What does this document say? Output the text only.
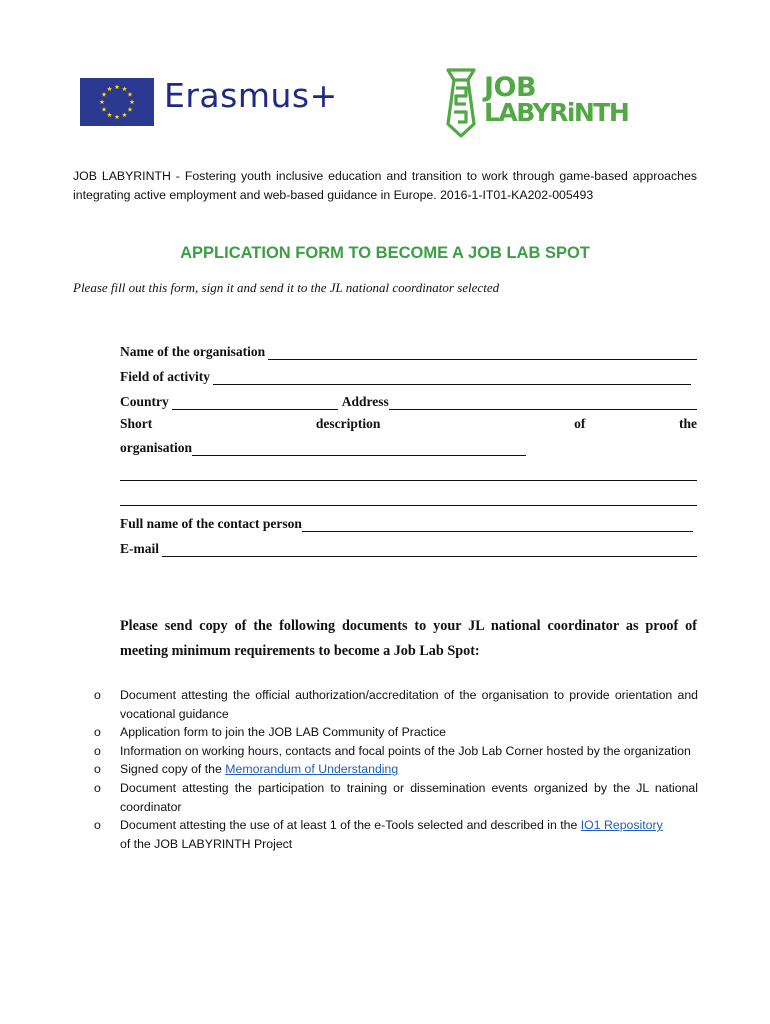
Erasmus+	JOB
LABYRiNTH
JOB LABYRINTH - Fostering youth inclusive education and transition to work through game-based approaches integrating active employment and web-based guidance in Europe. 2016-1-IT01-KA202-005493
APPLICATION FORM TO BECOME A JOB LAB SPOT
Please fill out this form, sign it and send it to the JL national coordinator selected
Name of the organisation
Field of activity
Country	Address
Short	description	of	the
organisation
Full name of the contact person
E-mail
Please send copy of the following documents to your JL national coordinator as proof of meeting minimum requirements to become a Job Lab Spot:
o Document attesting the official authorization/accreditation of the organisation to provide orientation and vocational guidance
o Application form to join the JOB LAB Community of Practice
o Information on working hours, contacts and focal points of the Job Lab Corner hosted by the organization
o Signed copy of the Memorandum of Understanding
o Document attesting the participation to training or dissemination events organized by the JL national coordinator
o Document attesting the use of at least 1 of the e-Tools selected and described in the IO1 Repository
of the JOB LABYRINTH Project
